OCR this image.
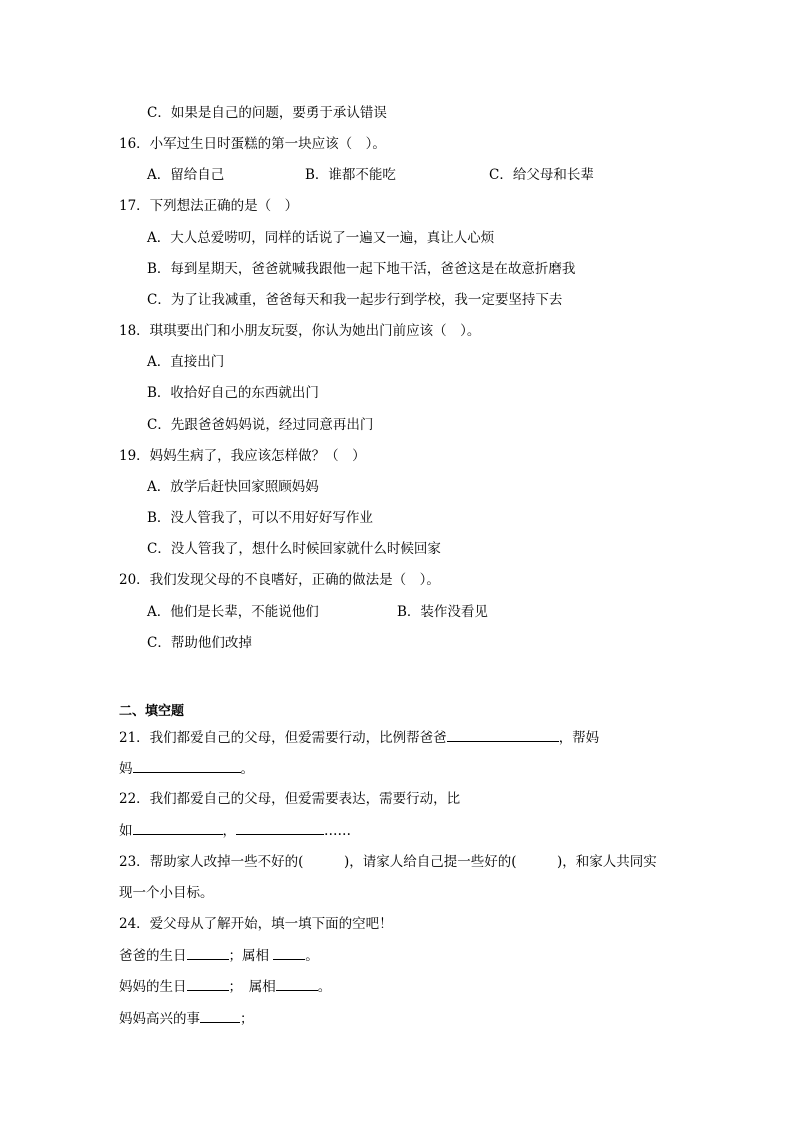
C．如果是自己的问题，要勇于承认错误
16．小军过生日时蛋糕的第一块应该（　）。
A．留给自己	B．谁都不能吃	C．给父母和长辈
17．下列想法正确的是（　）
A．大人总爱唠叨，同样的话说了一遍又一遍，真让人心烦
B．每到星期天，爸爸就喊我跟他一起下地干活，爸爸这是在故意折磨我
C．为了让我减重，爸爸每天和我一起步行到学校，我一定要坚持下去
18．琪琪要出门和小朋友玩耍，你认为她出门前应该（　）。
A．直接出门
B．收拾好自己的东西就出门
C．先跟爸爸妈妈说，经过同意再出门
19．妈妈生病了，我应该怎样做？（　）
A．放学后赶快回家照顾妈妈
B．没人管我了，可以不用好好写作业
C．没人管我了，想什么时候回家就什么时候回家
20．我们发现父母的不良嗜好，正确的做法是（　）。
A．他们是长辈，不能说他们	B．装作没看见
C．帮助他们改掉
二、填空题
21．我们都爱自己的父母，但爱需要行动，比例帮爸爸	，帮妈
妈	。
22．我们都爱自己的父母，但爱需要表达，需要行动，比
如	，	……
23．帮助家人改掉一些不好的(　　　)，请家人给自己提一些好的(　　　)，和家人共同实
现一个小目标。
24．爱父母从了解开始，填一填下面的空吧！
爸爸的生日	；属相 。
妈妈的生日	；　属相	。
妈妈高兴的事	；
